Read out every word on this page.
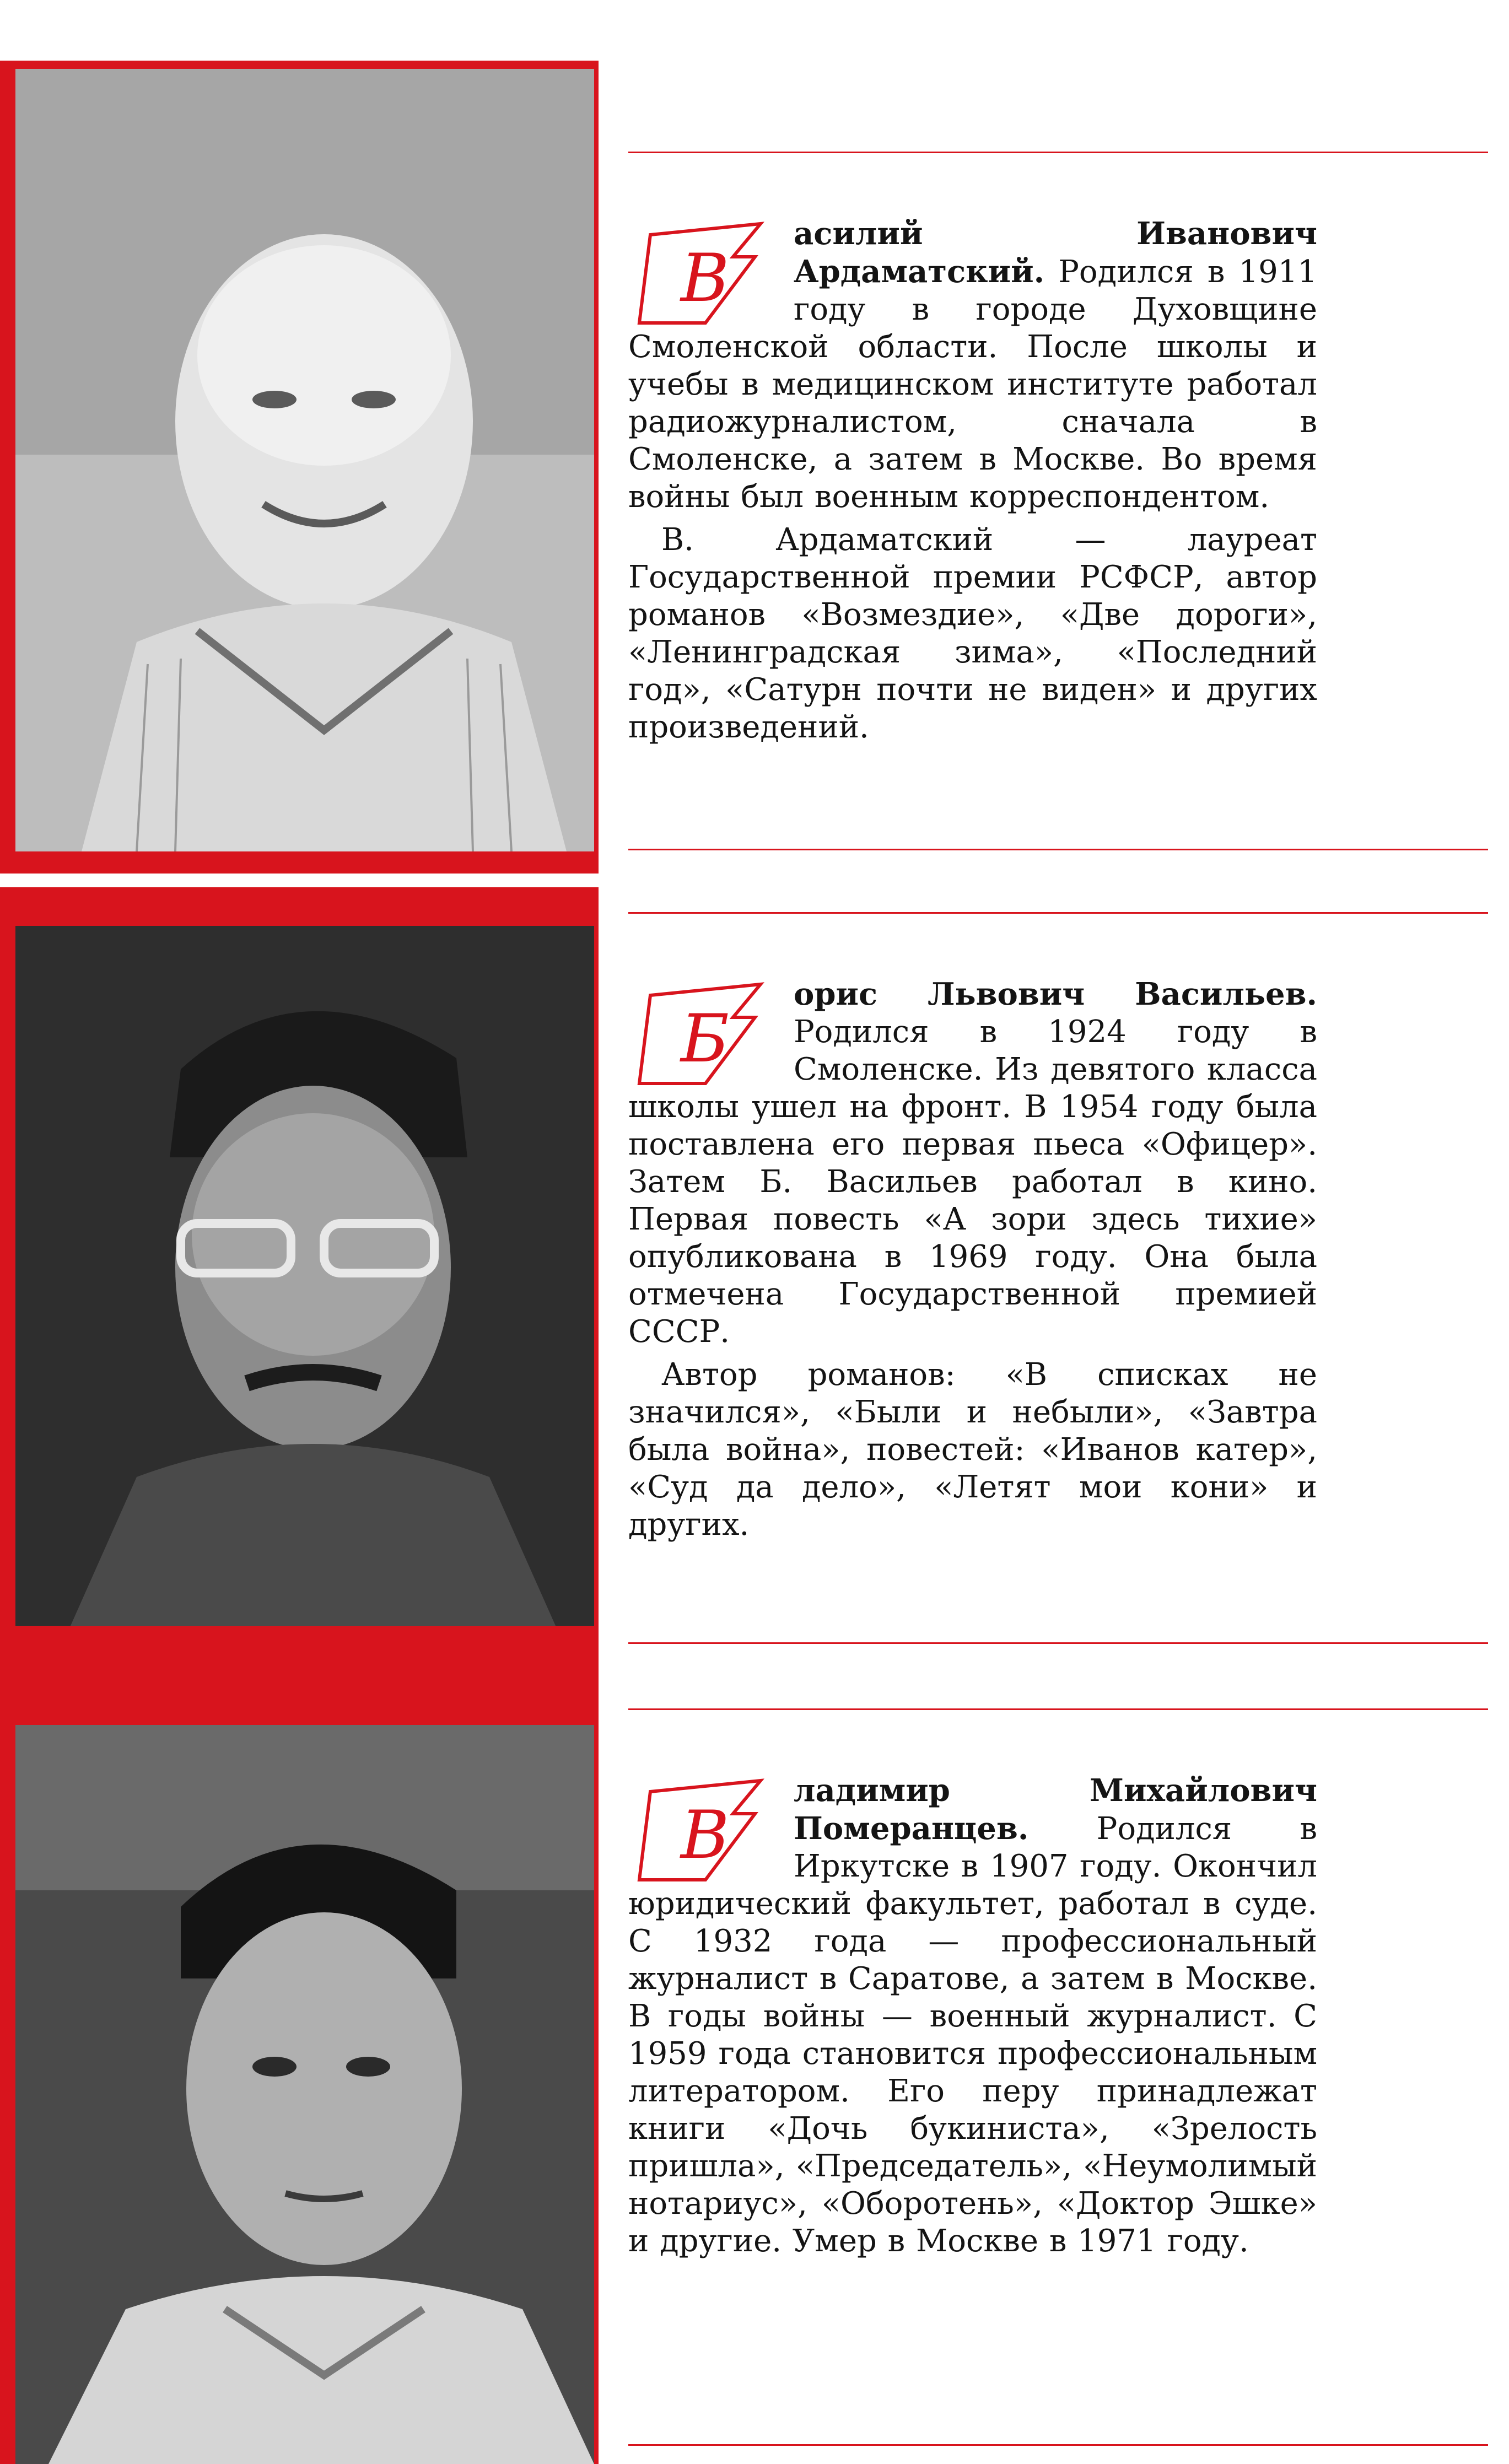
В

асилий Иванович Ардаматский. Родился в 1911 году в городе Духовщине Смоленской области. После школы и учебы в медицинском институте работал радиожурналистом, сначала в Смоленске, а затем в Москве. Во время войны был военным корреспондентом.

В. Ардаматский — лауреат Государственной премии РСФСР, автор романов «Возмездие», «Две дороги», «Ленинградская зима», «Последний год», «Сатурн почти не виден» и других произведений.

Б

орис Львович Васильев. Родился в 1924 году в Смоленске. Из девятого класса школы ушел на фронт. В 1954 году была поставлена его первая пьеса «Офицер». Затем Б. Васильев работал в кино. Первая повесть «А зори здесь тихие» опубликована в 1969 году. Она была отмечена Государственной премией СССР.

Автор романов: «В списках не значился», «Были и небыли», «Завтра была война», повестей: «Иванов катер», «Суд да дело», «Летят мои кони» и других.

В

ладимир Михайлович Померанцев. Родился в Иркутске в 1907 году. Окончил юридический факультет, работал в суде. С 1932 года — профессиональный журналист в Саратове, а затем в Москве. В годы войны — военный журналист. С 1959 года становится профессиональным литератором. Его перу принадлежат книги «Дочь букиниста», «Зрелость пришла», «Председатель», «Неумолимый нотариус», «Оборотень», «Доктор Эшке» и другие. Умер в Москве в 1971 году.
